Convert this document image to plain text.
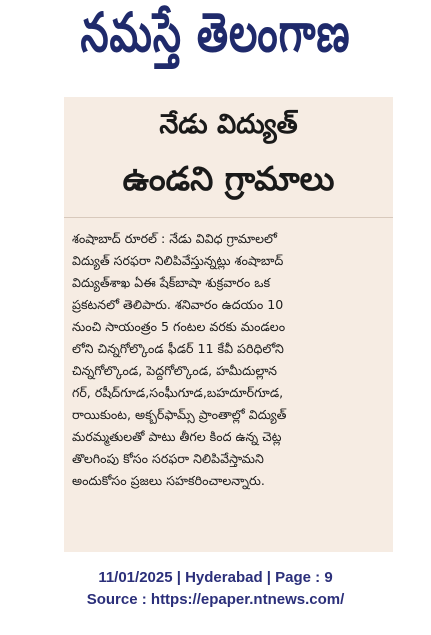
నమస్తే తెలంగాణ
నేడు విద్యుత్
ఉండని గ్రామాలు
శంషాబాద్ రూరల్ : నేడు వివిధ గ్రామాలలో
విద్యుత్ సరఫరా నిలిపివేస్తున్నట్లు శంషాబాద్
విద్యుత్‌శాఖ ఏఈ షేక్‌బాషా శుక్రవారం ఒక
ప్రకటనలో తెలిపారు. శనివారం ఉదయం 10
నుంచి సాయంత్రం 5 గంటల వరకు మండలం
లోని చిన్నగోల్కొండ ఫీడర్ 11 కేవీ పరిధిలోని
చిన్నగోల్కొండ, పెద్దగోల్కొండ, హమీదుల్లాన
గర్, రషీద్‌గూడ,సంఘీగూడ,బహదూర్‌గూడ,
రాయికుంట, అక్బర్‌ఫామ్స్ ప్రాంతాల్లో విద్యుత్
మరమ్మతులతో పాటు తీగల కింద ఉన్న చెట్ల
తొలగింపు కోసం సరఫరా నిలిపివేస్తామని
అందుకోసం ప్రజలు సహకరించాలన్నారు.
11/01/2025 | Hyderabad | Page : 9
Source : https://epaper.ntnews.com/
